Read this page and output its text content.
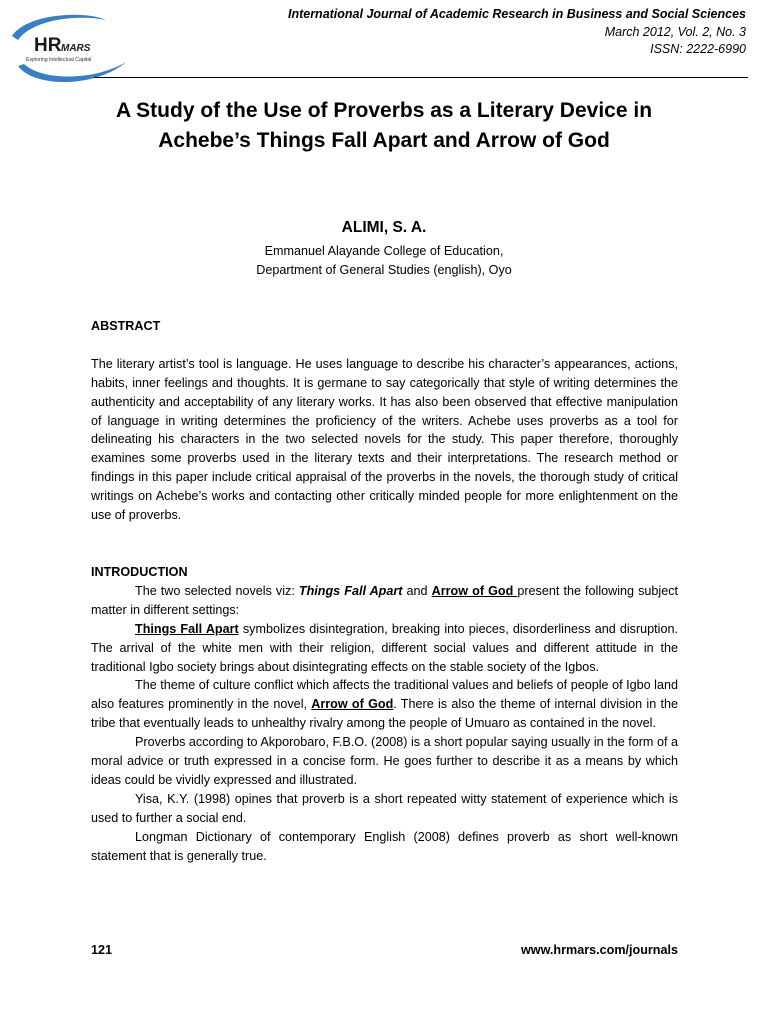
HR MARS
Exploring Intellectual Capital
International Journal of Academic Research in Business and Social Sciences
March 2012, Vol. 2, No. 3
ISSN: 2222-6990
A Study of the Use of Proverbs as a Literary Device in
Achebe’s Things Fall Apart and Arrow of God
ALIMI, S. A.
Emmanuel Alayande College of Education,
Department of General Studies (english), Oyo

ABSTRACT

The literary artist’s tool is language. He uses language to describe his character’s appearances, actions, habits, inner feelings and thoughts. It is germane to say categorically that style of writing determines the authenticity and acceptability of any literary works. It has also been observed that effective manipulation of language in writing determines the proficiency of the writers. Achebe uses proverbs as a tool for delineating his characters in the two selected novels for the study. This paper therefore, thoroughly examines some proverbs used in the literary texts and their interpretations. The research method or findings in this paper include critical appraisal of the proverbs in the novels, the thorough study of critical writings on Achebe’s works and contacting other critically minded people for more enlightenment on the use of proverbs.

INTRODUCTION

The two selected novels viz: Things Fall Apart and Arrow of God present the following subject matter in different settings:

Things Fall Apart symbolizes disintegration, breaking into pieces, disorderliness and disruption. The arrival of the white men with their religion, different social values and different attitude in the traditional Igbo society brings about disintegrating effects on the stable society of the Igbos.

The theme of culture conflict which affects the traditional values and beliefs of people of Igbo land also features prominently in the novel, Arrow of God. There is also the theme of internal division in the tribe that eventually leads to unhealthy rivalry among the people of Umuaro as contained in the novel.

Proverbs according to Akporobaro, F.B.O. (2008) is a short popular saying usually in the form of a moral advice or truth expressed in a concise form. He goes further to describe it as a means by which ideas could be vividly expressed and illustrated.

Yisa, K.Y. (1998) opines that proverb is a short repeated witty statement of experience which is used to further a social end.

Longman Dictionary of contemporary English (2008) defines proverb as short well-known statement that is generally true.

121	www.hrmars.com/journals
